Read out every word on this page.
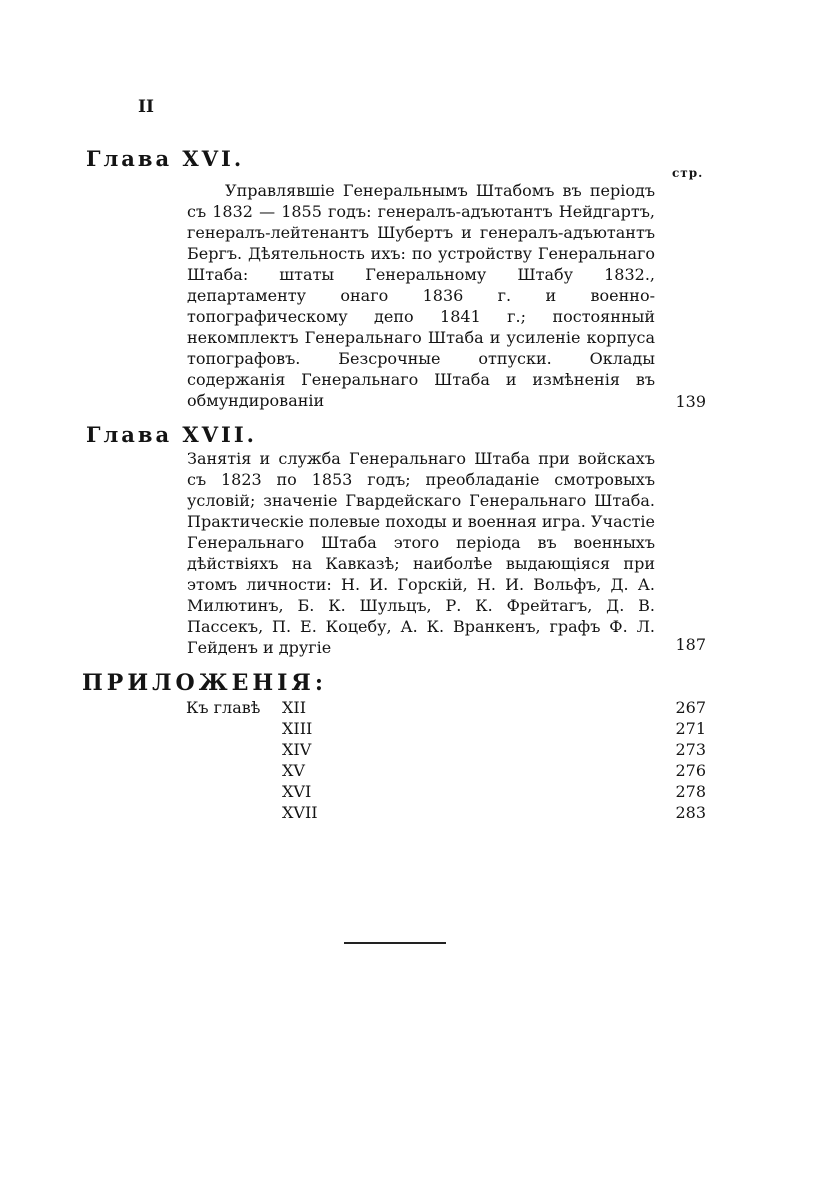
II
Глава XVI.
стр.
Управлявшіе Генеральнымъ Штабомъ въ періодъ съ 1832 — 1855 годъ: генералъ-адъютантъ Нейдгартъ, генералъ-лейтенантъ Шубертъ и генералъ-адъютантъ Бергъ. Дѣятельность ихъ: по устройству Генеральнаго Штаба: штаты Генеральному Штабу 1832., департаменту онаго 1836 г. и военно-топографическому депо 1841 г.; постоянный некомплектъ Генеральнаго Штаба и усиленіе корпуса топографовъ. Безсрочные отпуски. Оклады содержанія Генеральнаго Штаба и измѣненія въ обмундированіи	139
Глава XVII.
Занятія и служба Генеральнаго Штаба при войскахъ съ 1823 по 1853 годъ; преобладаніе смотровыхъ условій; значеніе Гвардейскаго Генеральнаго Штаба. Практическіе полевые походы и военная игра. Участіе Генеральнаго Штаба этого періода въ военныхъ дѣйствіяхъ на Кавказѣ; наиболѣе выдающіяся при этомъ личности: Н. И. Горскій, Н. И. Вольфъ, Д. А. Милютинъ, Б. К. Шульцъ, Р. К. Фрейтагъ, Д. В. Пассекъ, П. Е. Коцебу, А. К. Вранкенъ, графъ Ф. Л. Гейденъ и другіе	187
ПРИЛОЖЕНІЯ:
Къ главѣ XII	267
XIII	271
XIV	273
XV	276
XVI	278
XVII	283
